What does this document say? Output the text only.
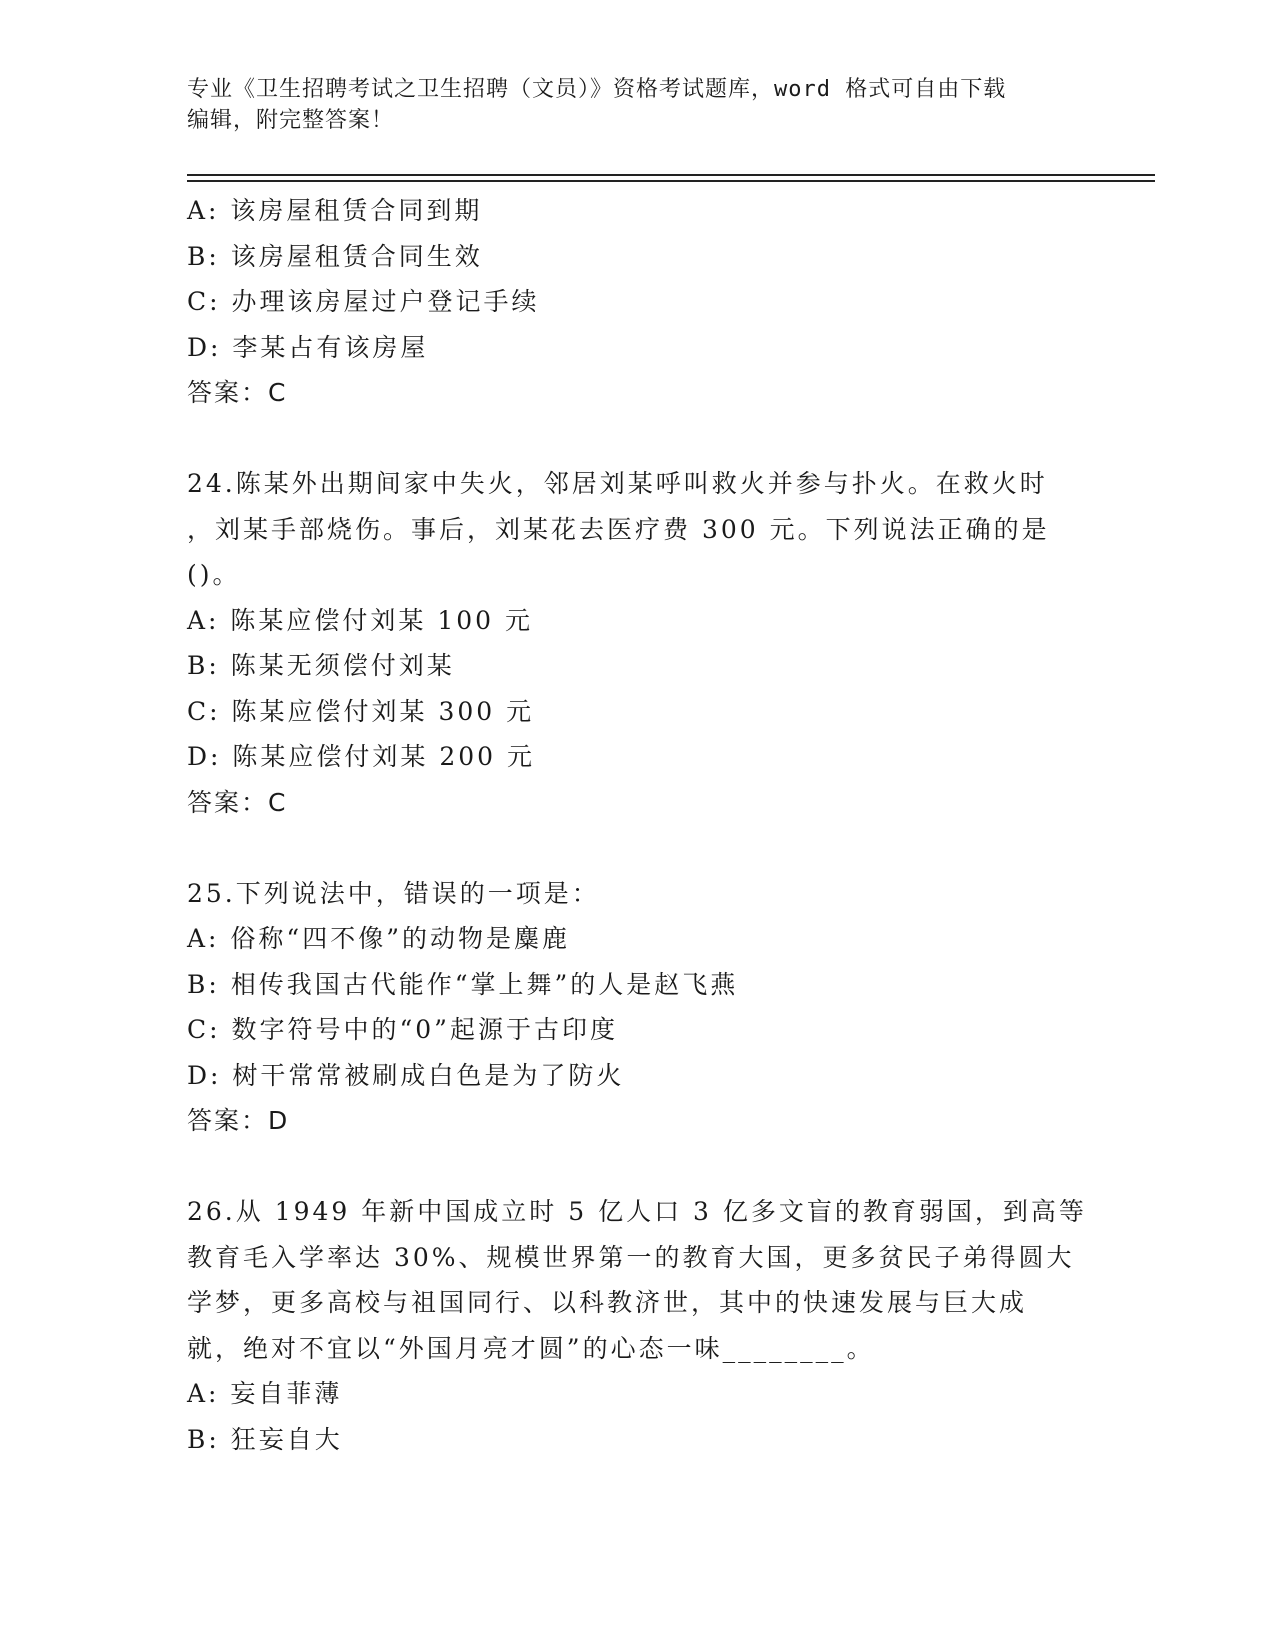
专业《卫生招聘考试之卫生招聘（文员）》资格考试题库，word 格式可自由下载
编辑，附完整答案！
A: 该房屋租赁合同到期
B: 该房屋租赁合同生效
C: 办理该房屋过户登记手续
D: 李某占有该房屋
答案：C
24.陈某外出期间家中失火，邻居刘某呼叫救火并参与扑火。在救火时
，刘某手部烧伤。事后，刘某花去医疗费 300 元。下列说法正确的是
()。
A: 陈某应偿付刘某 100 元
B: 陈某无须偿付刘某
C: 陈某应偿付刘某 300 元
D: 陈某应偿付刘某 200 元
答案：C
25.下列说法中，错误的一项是：
A: 俗称“四不像”的动物是麋鹿
B: 相传我国古代能作“掌上舞”的人是赵飞燕
C: 数字符号中的“0”起源于古印度
D: 树干常常被刷成白色是为了防火
答案：D
26.从 1949 年新中国成立时 5 亿人口 3 亿多文盲的教育弱国，到高等
教育毛入学率达 30%、规模世界第一的教育大国，更多贫民子弟得圆大
学梦，更多高校与祖国同行、以科教济世，其中的快速发展与巨大成
就，绝对不宜以“外国月亮才圆”的心态一味________。
A: 妄自菲薄
B: 狂妄自大
